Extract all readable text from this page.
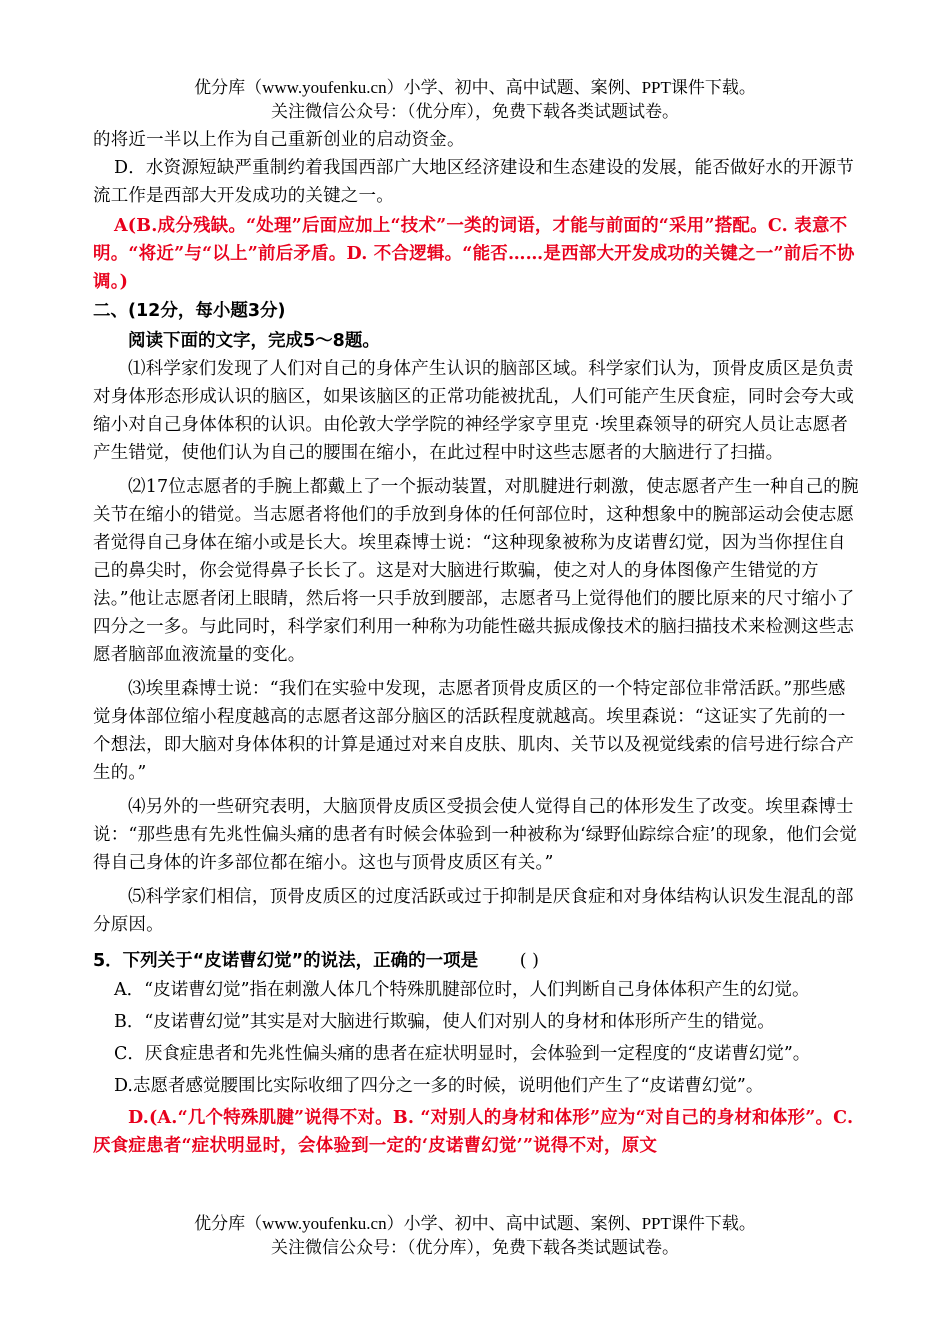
优分库（www.youfenku.cn）小学、初中、高中试题、案例、PPT课件下载。
关注微信公众号：（优分库），免费下载各类试题试卷。

的将近一半以上作为自己重新创业的启动资金。

D．水资源短缺严重制约着我国西部广大地区经济建设和生态建设的发展，能否做好水的开源节流工作是西部大开发成功的关键之一。

A(B.成分残缺。“处理”后面应加上“技术”一类的词语，才能与前面的“采用”搭配。C. 表意不明。“将近”与“以上”前后矛盾。D. 不合逻辑。“能否……是西部大开发成功的关键之一”前后不协调。)

二、(12分，每小题3分)

阅读下面的文字，完成5～8题。

⑴科学家们发现了人们对自己的身体产生认识的脑部区域。科学家们认为，顶骨皮质区是负责对身体形态形成认识的脑区，如果该脑区的正常功能被扰乱，人们可能产生厌食症，同时会夸大或缩小对自己身体体积的认识。由伦敦大学学院的神经学家亨里克 ·埃里森领导的研究人员让志愿者产生错觉，使他们认为自己的腰围在缩小，在此过程中时这些志愿者的大脑进行了扫描。

⑵17位志愿者的手腕上都戴上了一个振动装置，对肌腱进行刺激，使志愿者产生一种自己的腕关节在缩小的错觉。当志愿者将他们的手放到身体的任何部位时，这种想象中的腕部运动会使志愿者觉得自己身体在缩小或是长大。埃里森博士说：“这种现象被称为皮诺曹幻觉，因为当你捏住自己的鼻尖时，你会觉得鼻子长长了。这是对大脑进行欺骗，使之对人的身体图像产生错觉的方法。”他让志愿者闭上眼睛，然后将一只手放到腰部，志愿者马上觉得他们的腰比原来的尺寸缩小了四分之一多。与此同时，科学家们利用一种称为功能性磁共振成像技术的脑扫描技术来检测这些志愿者脑部血液流量的变化。

⑶埃里森博士说：“我们在实验中发现，志愿者顶骨皮质区的一个特定部位非常活跃。”那些感觉身体部位缩小程度越高的志愿者这部分脑区的活跃程度就越高。埃里森说：“这证实了先前的一个想法，即大脑对身体体积的计算是通过对来自皮肤、肌肉、关节以及视觉线索的信号进行综合产生的。”

⑷另外的一些研究表明，大脑顶骨皮质区受损会使人觉得自己的体形发生了改变。埃里森博士说：“那些患有先兆性偏头痛的患者有时候会体验到一种被称为‘绿野仙踪综合症’的现象，他们会觉得自己身体的许多部位都在缩小。这也与顶骨皮质区有关。”

⑸科学家们相信，顶骨皮质区的过度活跃或过于抑制是厌食症和对身体结构认识发生混乱的部分原因。

5．下列关于“皮诺曹幻觉”的说法，正确的一项是 ( )

A．“皮诺曹幻觉”指在刺激人体几个特殊肌腱部位时，人们判断自己身体体积产生的幻觉。

B．“皮诺曹幻觉”其实是对大脑进行欺骗，使人们对别人的身材和体形所产生的错觉。

C．厌食症患者和先兆性偏头痛的患者在症状明显时，会体验到一定程度的“皮诺曹幻觉”。

D.志愿者感觉腰围比实际收细了四分之一多的时候，说明他们产生了“皮诺曹幻觉”。

D.(A.“几个特殊肌腱”说得不对。B. “对别人的身材和体形”应为“对自己的身材和体形”。C. 厌食症患者“症状明显时，会体验到一定的‘皮诺曹幻觉’”说得不对，原文

优分库（www.youfenku.cn）小学、初中、高中试题、案例、PPT课件下载。
关注微信公众号：（优分库），免费下载各类试题试卷。
